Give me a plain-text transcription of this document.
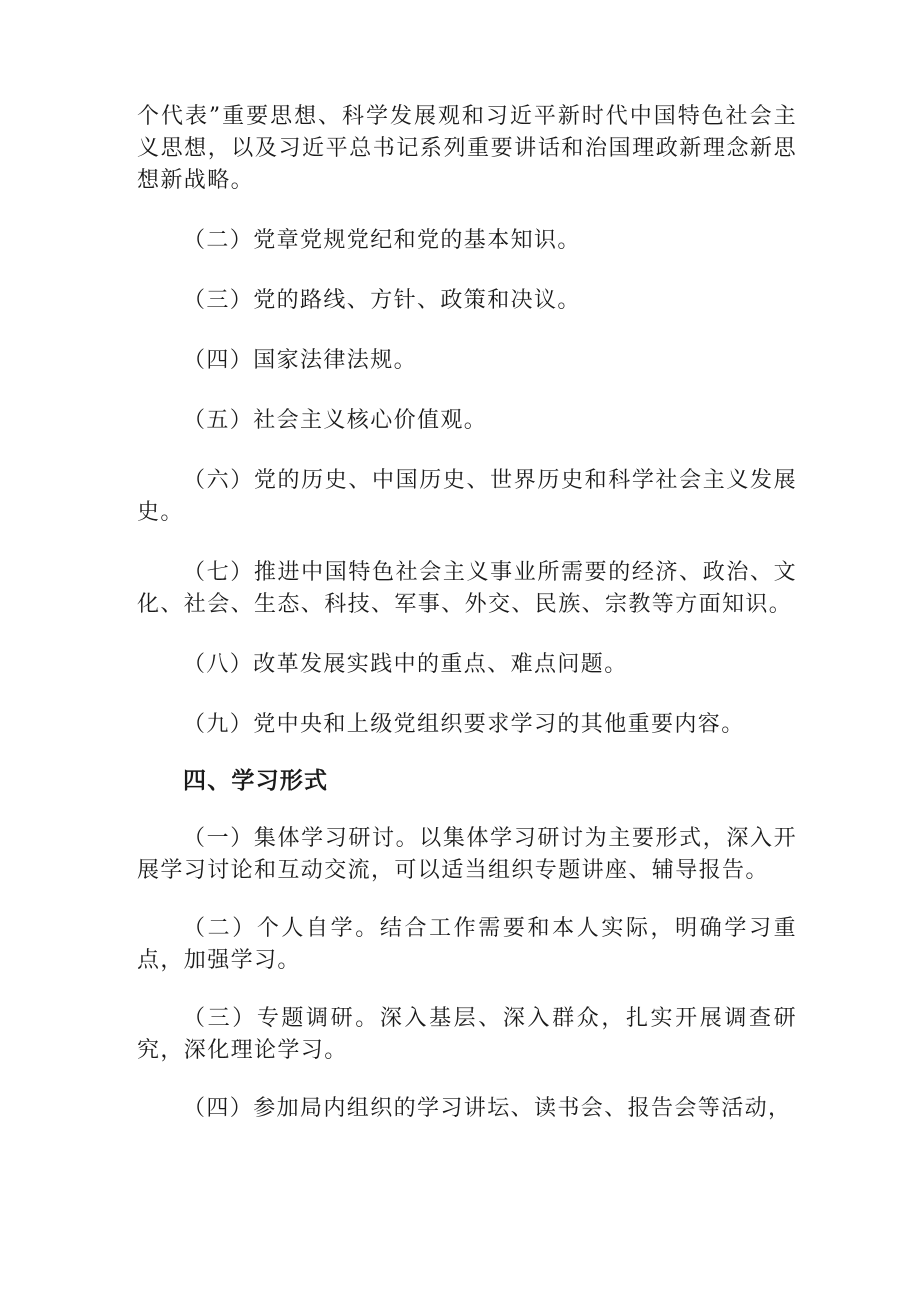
个代表”重要思想、科学发展观和习近平新时代中国特色社会主义思想，以及习近平总书记系列重要讲话和治国理政新理念新思想新战略。

（二）党章党规党纪和党的基本知识。

（三）党的路线、方针、政策和决议。

（四）国家法律法规。

（五）社会主义核心价值观。

（六）党的历史、中国历史、世界历史和科学社会主义发展史。

（七）推进中国特色社会主义事业所需要的经济、政治、文化、社会、生态、科技、军事、外交、民族、宗教等方面知识。

（八）改革发展实践中的重点、难点问题。

（九）党中央和上级党组织要求学习的其他重要内容。

四、学习形式

（一）集体学习研讨。以集体学习研讨为主要形式，深入开展学习讨论和互动交流，可以适当组织专题讲座、辅导报告。

（二）个人自学。结合工作需要和本人实际，明确学习重点，加强学习。

（三）专题调研。深入基层、深入群众，扎实开展调查研究，深化理论学习。

（四）参加局内组织的学习讲坛、读书会、报告会等活动，
